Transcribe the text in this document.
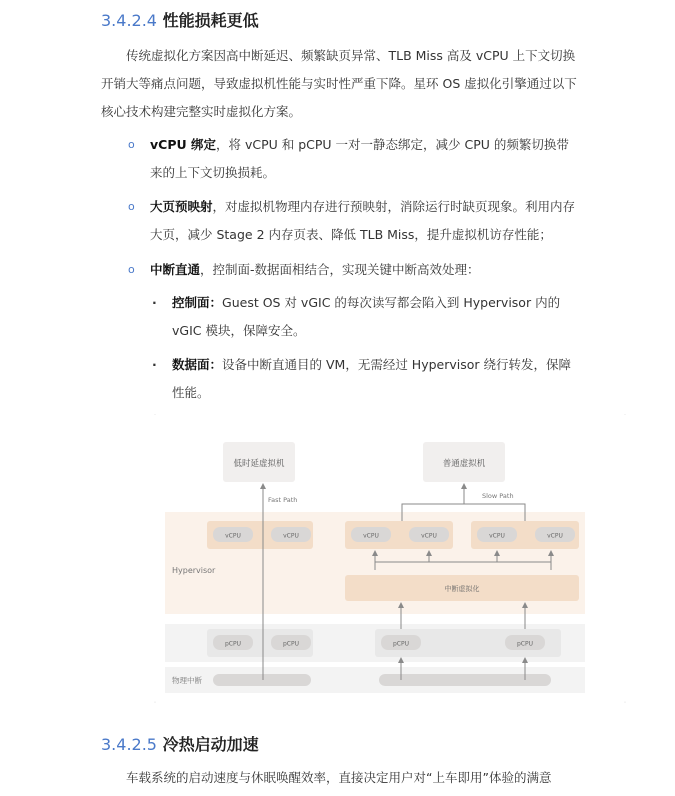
3.4.2.4 性能损耗更低
传统虚拟化方案因高中断延迟、频繁缺页异常、TLB Miss 高及 vCPU 上下文切换开销大等痛点问题，导致虚拟机性能与实时性严重下降。星环 OS 虚拟化引擎通过以下核心技术构建完整实时虚拟化方案。
o	vCPU 绑定，将 vCPU 和 pCPU 一对一静态绑定，减少 CPU 的频繁切换带来的上下文切换损耗。
o	大页预映射，对虚拟机物理内存进行预映射，消除运行时缺页现象。利用内存大页，减少 Stage 2 内存页表、降低 TLB Miss，提升虚拟机访存性能；
o	中断直通，控制面-数据面相结合，实现关键中断高效处理：
·	控制面：Guest OS 对 vGIC 的每次读写都会陷入到 Hypervisor 内的 vGIC 模块，保障安全。
·	数据面：设备中断直通目的 VM，无需经过 Hypervisor 绕行转发，保障性能。
˙	˙
低时延虚拟机	普通虚拟机
Hypervisor
vCPU	vCPU	vCPU	vCPU	vCPU	vCPU
中断虚拟化
pCPU	pCPU	pCPU	pCPU
物理中断
Fast Path	Slow Path
˙	˙
3.4.2.5 冷热启动加速
车载系统的启动速度与休眠唤醒效率，直接决定用户对“上车即用”体验的满意
